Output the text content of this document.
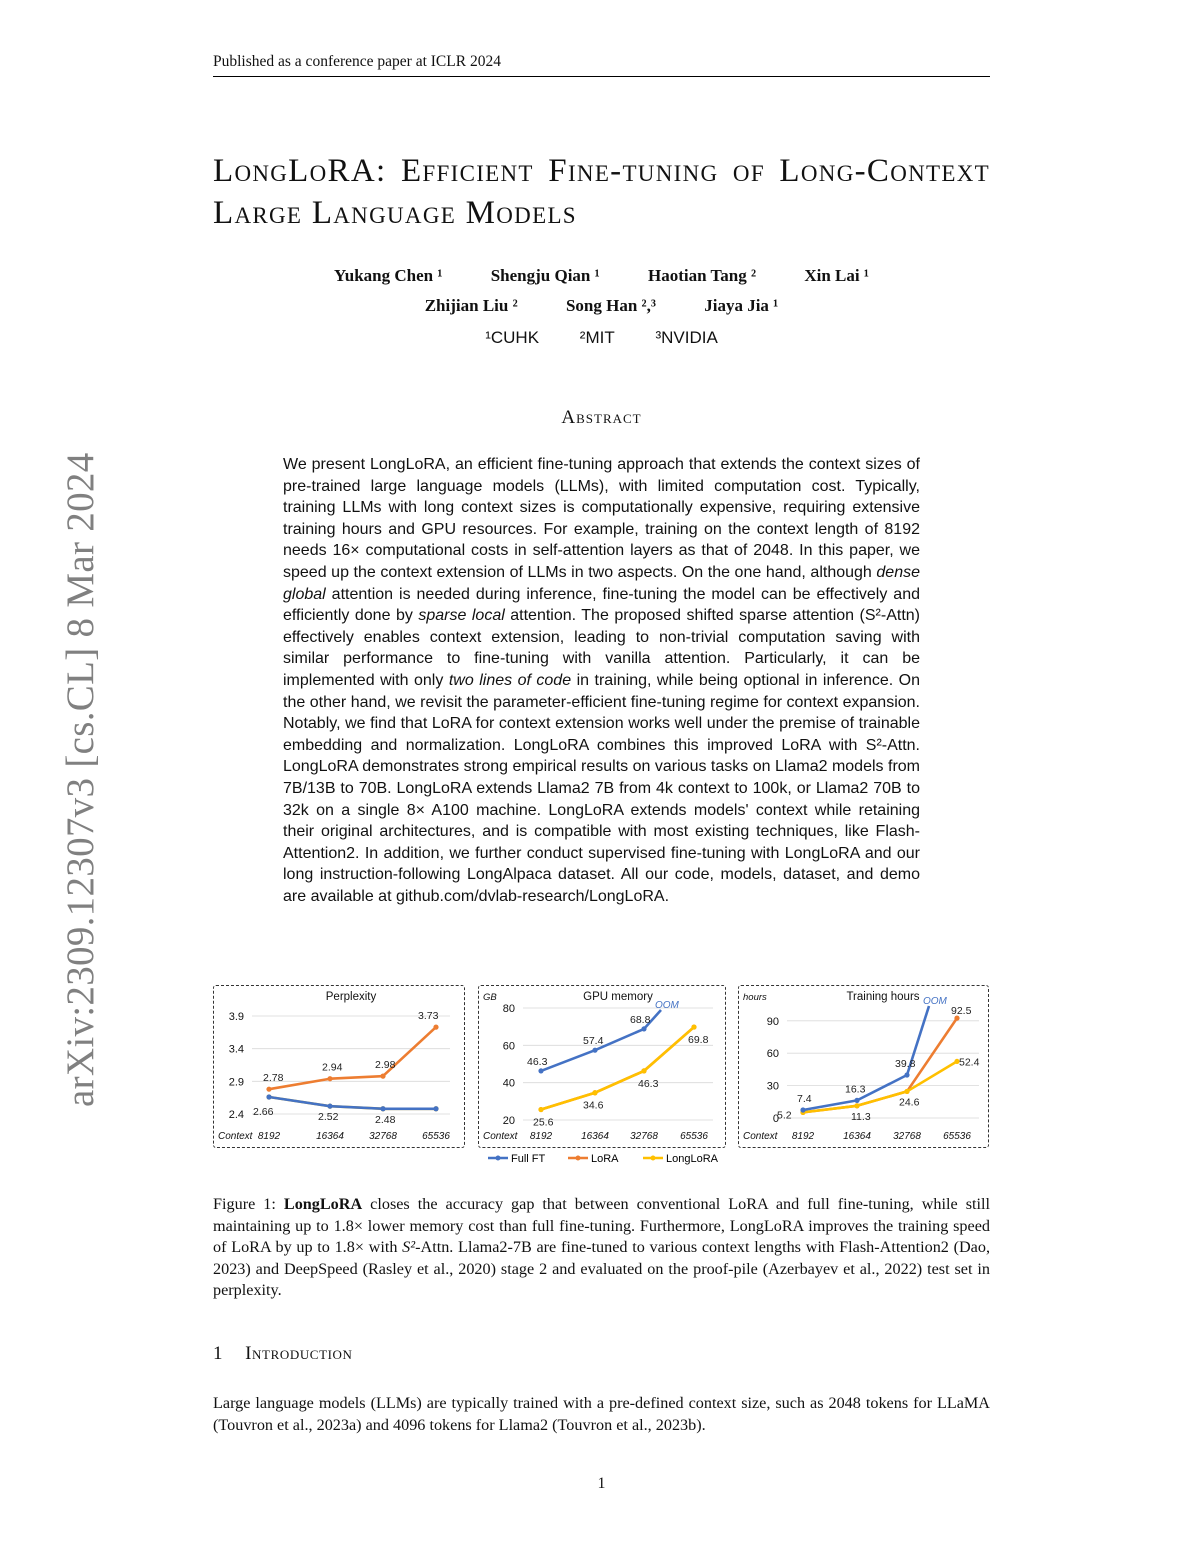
Published as a conference paper at ICLR 2024
arXiv:2309.12307v3 [cs.CL] 8 Mar 2024
LongLoRA: Efficient Fine-tuning of Long-Context Large Language Models
Yukang Chen ¹	Shengju Qian ¹	Haotian Tang ²	Xin Lai ¹
Zhijian Liu ²	Song Han ²,³	Jiaya Jia ¹
¹CUHK ²MIT ³NVIDIA
Abstract
We present LongLoRA, an efficient fine-tuning approach that extends the context sizes of pre-trained large language models (LLMs), with limited computation cost. Typically, training LLMs with long context sizes is computationally expensive, requiring extensive training hours and GPU resources. For example, training on the context length of 8192 needs 16× computational costs in self-attention layers as that of 2048. In this paper, we speed up the context extension of LLMs in two aspects. On the one hand, although dense global attention is needed during inference, fine-tuning the model can be effectively and efficiently done by sparse local attention. The proposed shifted sparse attention (S²-Attn) effectively enables context extension, leading to non-trivial computation saving with similar performance to fine-tuning with vanilla attention. Particularly, it can be implemented with only two lines of code in training, while being optional in inference. On the other hand, we revisit the parameter-efficient fine-tuning regime for context expansion. Notably, we find that LoRA for context extension works well under the premise of trainable embedding and normalization. LongLoRA combines this improved LoRA with S²-Attn. LongLoRA demonstrates strong empirical results on various tasks on Llama2 models from 7B/13B to 70B. LongLoRA extends Llama2 7B from 4k context to 100k, or Llama2 70B to 32k on a single 8× A100 machine. LongLoRA extends models' context while retaining their original architectures, and is compatible with most existing techniques, like Flash-Attention2. In addition, we further conduct supervised fine-tuning with LongLoRA and our long instruction-following LongAlpaca dataset. All our code, models, dataset, and demo are available at github.com/dvlab-research/LongLoRA.
Perplexity
3.9
3.4
2.9
2.4
Context 8192	16364	32768	65536
2.78
2.94	2.98
3.73
2.66	2.52	2.48
GPU memory
GB
80
60
40
20
Context 8192	16364 32768 65536
25.6
34.6
46.3
69.8
OOM
46.3
57.4
68.8
Training hours
hours
90
60
30
0
Context 8192	16364 32768 65536
92.5
5.2	11.3
24.6
52.4
OOM
7.4
16.3
39.8
Full FT	LoRA	LongLoRA
Figure 1: LongLoRA closes the accuracy gap that between conventional LoRA and full fine-tuning, while still maintaining up to 1.8× lower memory cost than full fine-tuning. Furthermore, LongLoRA improves the training speed of LoRA by up to 1.8× with S²-Attn. Llama2-7B are fine-tuned to various context lengths with Flash-Attention2 (Dao, 2023) and DeepSpeed (Rasley et al., 2020) stage 2 and evaluated on the proof-pile (Azerbayev et al., 2022) test set in perplexity.
1 Introduction
Large language models (LLMs) are typically trained with a pre-defined context size, such as 2048 tokens for LLaMA (Touvron et al., 2023a) and 4096 tokens for Llama2 (Touvron et al., 2023b).
1
